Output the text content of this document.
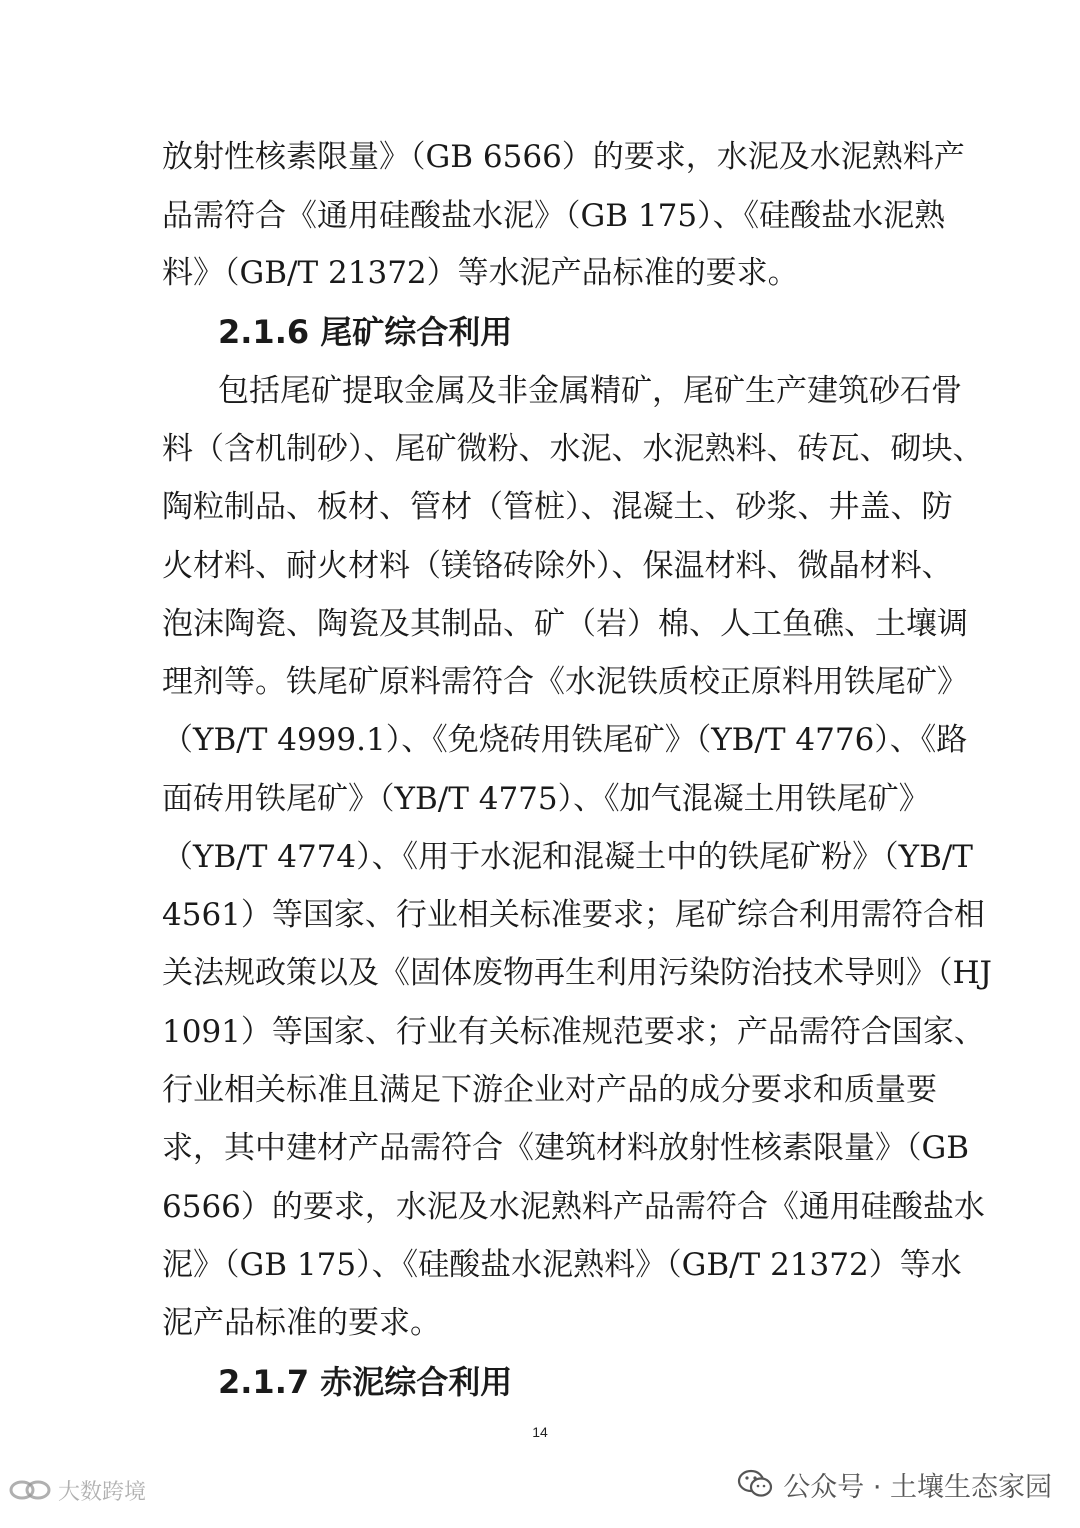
放射性核素限量》（GB 6566）的要求，水泥及水泥熟料产
品需符合《通用硅酸盐水泥》（GB 175）、《硅酸盐水泥熟
料》（GB/T 21372）等水泥产品标准的要求。
2.1.6 尾矿综合利用
包括尾矿提取金属及非金属精矿，尾矿生产建筑砂石骨
料（含机制砂）、尾矿微粉、水泥、水泥熟料、砖瓦、砌块、
陶粒制品、板材、管材（管桩）、混凝土、砂浆、井盖、防
火材料、耐火材料（镁铬砖除外）、保温材料、微晶材料、
泡沫陶瓷、陶瓷及其制品、矿（岩）棉、人工鱼礁、土壤调
理剂等。铁尾矿原料需符合《水泥铁质校正原料用铁尾矿》
（YB/T 4999.1）、《免烧砖用铁尾矿》（YB/T 4776）、《路
面砖用铁尾矿》（YB/T 4775）、《加气混凝土用铁尾矿》
（YB/T 4774）、《用于水泥和混凝土中的铁尾矿粉》（YB/T
4561）等国家、行业相关标准要求；尾矿综合利用需符合相
关法规政策以及《固体废物再生利用污染防治技术导则》（HJ
1091）等国家、行业有关标准规范要求；产品需符合国家、
行业相关标准且满足下游企业对产品的成分要求和质量要
求，其中建材产品需符合《建筑材料放射性核素限量》（GB
6566）的要求，水泥及水泥熟料产品需符合《通用硅酸盐水
泥》（GB 175）、《硅酸盐水泥熟料》（GB/T 21372）等水
泥产品标准的要求。
2.1.7 赤泥综合利用
14
大数跨境	公众号 · 土壤生态家园
